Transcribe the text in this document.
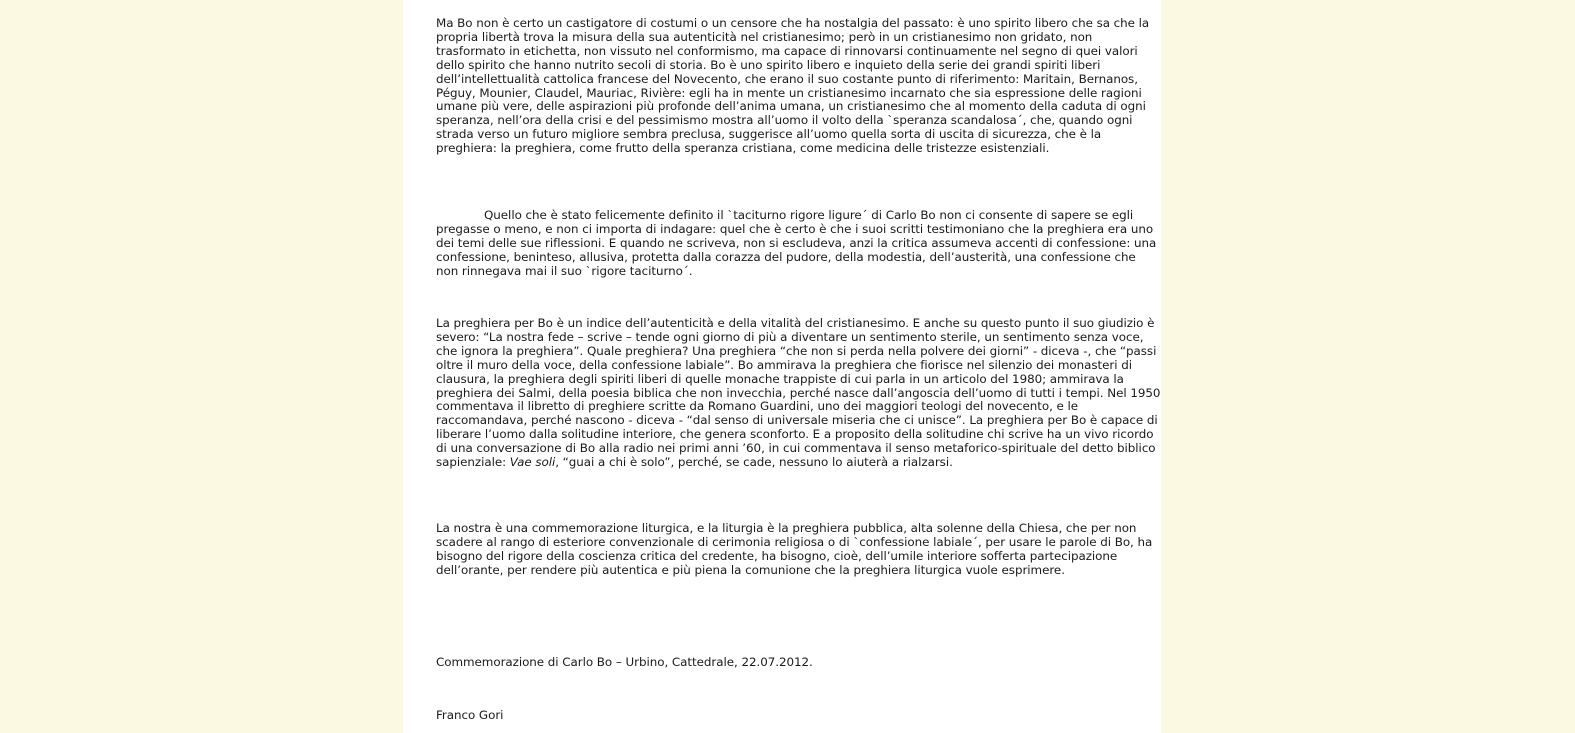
Ma Bo non è certo un castigatore di costumi o un censore che ha nostalgia del passato: è uno spirito libero che sa che la propria libertà trova la misura della sua autenticità nel cristianesimo; però in un cristianesimo non gridato, non trasformato in etichetta, non vissuto nel conformismo, ma capace di rinnovarsi continuamente nel segno di quei valori dello spirito che hanno nutrito secoli di storia. Bo è uno spirito libero e inquieto della serie dei grandi spiriti liberi dell’intellettualità cattolica francese del Novecento, che erano il suo costante punto di riferimento: Maritain, Bernanos, Péguy, Mounier, Claudel, Mauriac, Rivière: egli ha in mente un cristianesimo incarnato che sia espressione delle ragioni umane più vere, delle aspirazioni più profonde dell’anima umana, un cristianesimo che al momento della caduta di ogni speranza, nell’ora della crisi e del pessimismo mostra all’uomo il volto della `speranza scandalosa´, che, quando ogni strada verso un futuro migliore sembra preclusa, suggerisce all’uomo quella sorta di uscita di sicurezza, che è la preghiera: la preghiera, come frutto della speranza cristiana, come medicina delle tristezze esistenziali.

Quello che è stato felicemente definito il `taciturno rigore ligure´ di Carlo Bo non ci consente di sapere se egli pregasse o meno, e non ci importa di indagare: quel che è certo è che i suoi scritti testimoniano che la preghiera era uno dei temi delle sue riflessioni. E quando ne scriveva, non si escludeva, anzi la critica assumeva accenti di confessione: una confessione, beninteso, allusiva, protetta dalla corazza del pudore, della modestia, dell’austerità, una confessione che non rinnegava mai il suo `rigore taciturno´.

La preghiera per Bo è un indice dell’autenticità e della vitalità del cristianesimo. E anche su questo punto il suo giudizio è severo: “La nostra fede – scrive – tende ogni giorno di più a diventare un sentimento sterile, un sentimento senza voce, che ignora la preghiera”. Quale preghiera? Una preghiera “che non si perda nella polvere dei giorni” - diceva -, che “passi oltre il muro della voce, della confessione labiale”. Bo ammirava la preghiera che fiorisce nel silenzio dei monasteri di clausura, la preghiera degli spiriti liberi di quelle monache trappiste di cui parla in un articolo del 1980; ammirava la preghiera dei Salmi, della poesia biblica che non invecchia, perché nasce dall’angoscia dell’uomo di tutti i tempi. Nel 1950 commentava il libretto di preghiere scritte da Romano Guardini, uno dei maggiori teologi del novecento, e le raccomandava, perché nascono - diceva - “dal senso di universale miseria che ci unisce”. La preghiera per Bo è capace di liberare l’uomo dalla solitudine interiore, che genera sconforto. E a proposito della solitudine chi scrive ha un vivo ricordo di una conversazione di Bo alla radio nei primi anni ’60, in cui commentava il senso metaforico-spirituale del detto biblico sapienziale: Vae soli, “guai a chi è solo”, perché, se cade, nessuno lo aiuterà a rialzarsi.

La nostra è una commemorazione liturgica, e la liturgia è la preghiera pubblica, alta solenne della Chiesa, che per non scadere al rango di esteriore convenzionale di cerimonia religiosa o di `confessione labiale´, per usare le parole di Bo, ha bisogno del rigore della coscienza critica del credente, ha bisogno, cioè, dell’umile interiore sofferta partecipazione dell’orante, per rendere più autentica e più piena la comunione che la preghiera liturgica vuole esprimere.

Commemorazione di Carlo Bo – Urbino, Cattedrale, 22.07.2012.

Franco Gori
